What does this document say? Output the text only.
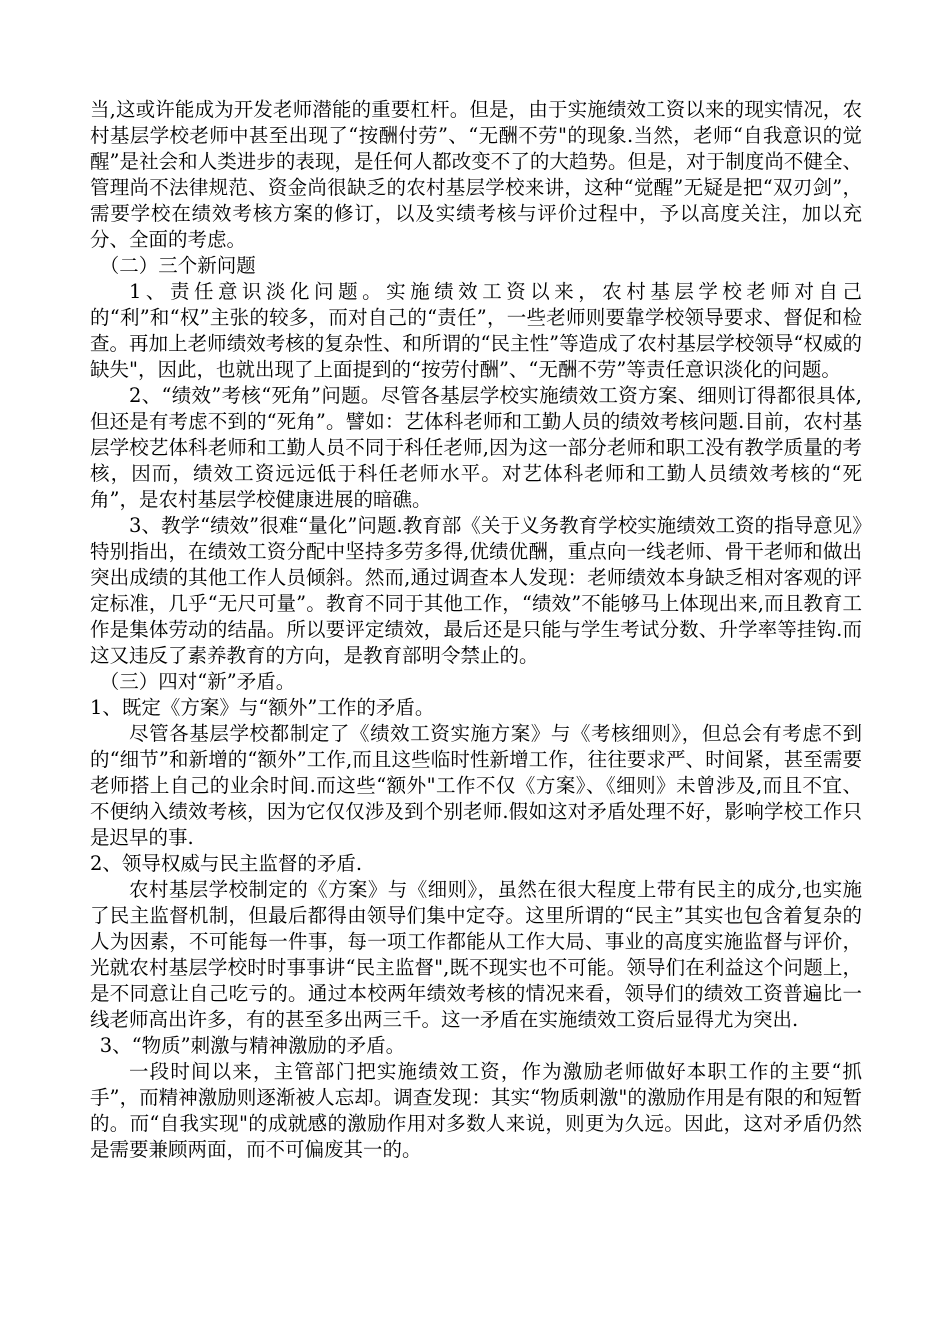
当,这或许能成为开发老师潜能的重要杠杆。但是，由于实施绩效工资以来的现实情况，农村基层学校老师中甚至出现了“按酬付劳”、“无酬不劳"的现象.当然，老师“自我意识的觉醒”是社会和人类进步的表现，是任何人都改变不了的大趋势。但是，对于制度尚不健全、管理尚不法律规范、资金尚很缺乏的农村基层学校来讲，这种“觉醒”无疑是把“双刃剑”，需要学校在绩效考核方案的修订，以及实绩考核与评价过程中，予以高度关注，加以充分、全面的考虑。

（二）三个新问题

1、责任意识淡化问题。实施绩效工资以来，农村基层学校老师对自己的“利”和“权”主张的较多，而对自己的“责任”，一些老师则要靠学校领导要求、督促和检查。再加上老师绩效考核的复杂性、和所谓的“民主性”等造成了农村基层学校领导“权威的缺失"，因此，也就出现了上面提到的“按劳付酬”、“无酬不劳”等责任意识淡化的问题。

2、“绩效”考核“死角”问题。尽管各基层学校实施绩效工资方案、细则订得都很具体,但还是有考虑不到的“死角”。譬如：艺体科老师和工勤人员的绩效考核问题.目前，农村基层学校艺体科老师和工勤人员不同于科任老师,因为这一部分老师和职工没有教学质量的考核，因而，绩效工资远远低于科任老师水平。对艺体科老师和工勤人员绩效考核的“死角”，是农村基层学校健康进展的暗礁。

3、教学“绩效”很难“量化”问题.教育部《关于义务教育学校实施绩效工资的指导意见》特别指出，在绩效工资分配中坚持多劳多得,优绩优酬，重点向一线老师、骨干老师和做出突出成绩的其他工作人员倾斜。然而,通过调查本人发现：老师绩效本身缺乏相对客观的评定标准，几乎“无尺可量”。教育不同于其他工作，“绩效”不能够马上体现出来,而且教育工作是集体劳动的结晶。所以要评定绩效，最后还是只能与学生考试分数、升学率等挂钩.而这又违反了素养教育的方向，是教育部明令禁止的。

（三）四对“新”矛盾。

1、既定《方案》与“额外”工作的矛盾。

尽管各基层学校都制定了《绩效工资实施方案》与《考核细则》，但总会有考虑不到的“细节”和新增的“额外”工作,而且这些临时性新增工作，往往要求严、时间紧，甚至需要老师搭上自己的业余时间.而这些“额外"工作不仅《方案》、《细则》未曾涉及,而且不宜、不便纳入绩效考核，因为它仅仅涉及到个别老师.假如这对矛盾处理不好，影响学校工作只是迟早的事.

2、领导权威与民主监督的矛盾.

农村基层学校制定的《方案》与《细则》，虽然在很大程度上带有民主的成分,也实施了民主监督机制，但最后都得由领导们集中定夺。这里所谓的“民主”其实也包含着复杂的人为因素，不可能每一件事，每一项工作都能从工作大局、事业的高度实施监督与评价，光就农村基层学校时时事事讲“民主监督",既不现实也不可能。领导们在利益这个问题上，是不同意让自己吃亏的。通过本校两年绩效考核的情况来看，领导们的绩效工资普遍比一线老师高出许多，有的甚至多出两三千。这一矛盾在实施绩效工资后显得尤为突出.

3、“物质”刺激与精神激励的矛盾。

一段时间以来，主管部门把实施绩效工资，作为激励老师做好本职工作的主要“抓手”，而精神激励则逐渐被人忘却。调查发现：其实“物质刺激"的激励作用是有限的和短暂的。而“自我实现"的成就感的激励作用对多数人来说，则更为久远。因此，这对矛盾仍然是需要兼顾两面，而不可偏废其一的。
